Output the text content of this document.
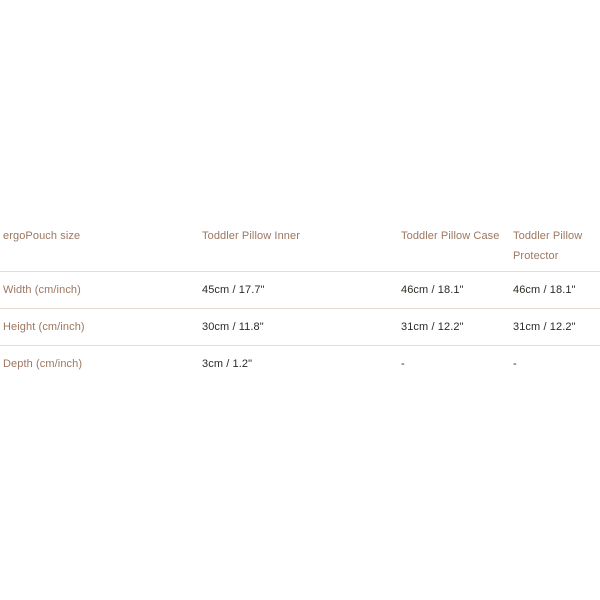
ergoPouch size	Toddler Pillow Inner	Toddler Pillow Case	Toddler Pillow Protector
Width (cm/inch)	45cm / 17.7"	46cm / 18.1"	46cm / 18.1"
Height (cm/inch)	30cm / 11.8"	31cm / 12.2"	31cm / 12.2"
Depth (cm/inch)	3cm / 1.2"	-	-
